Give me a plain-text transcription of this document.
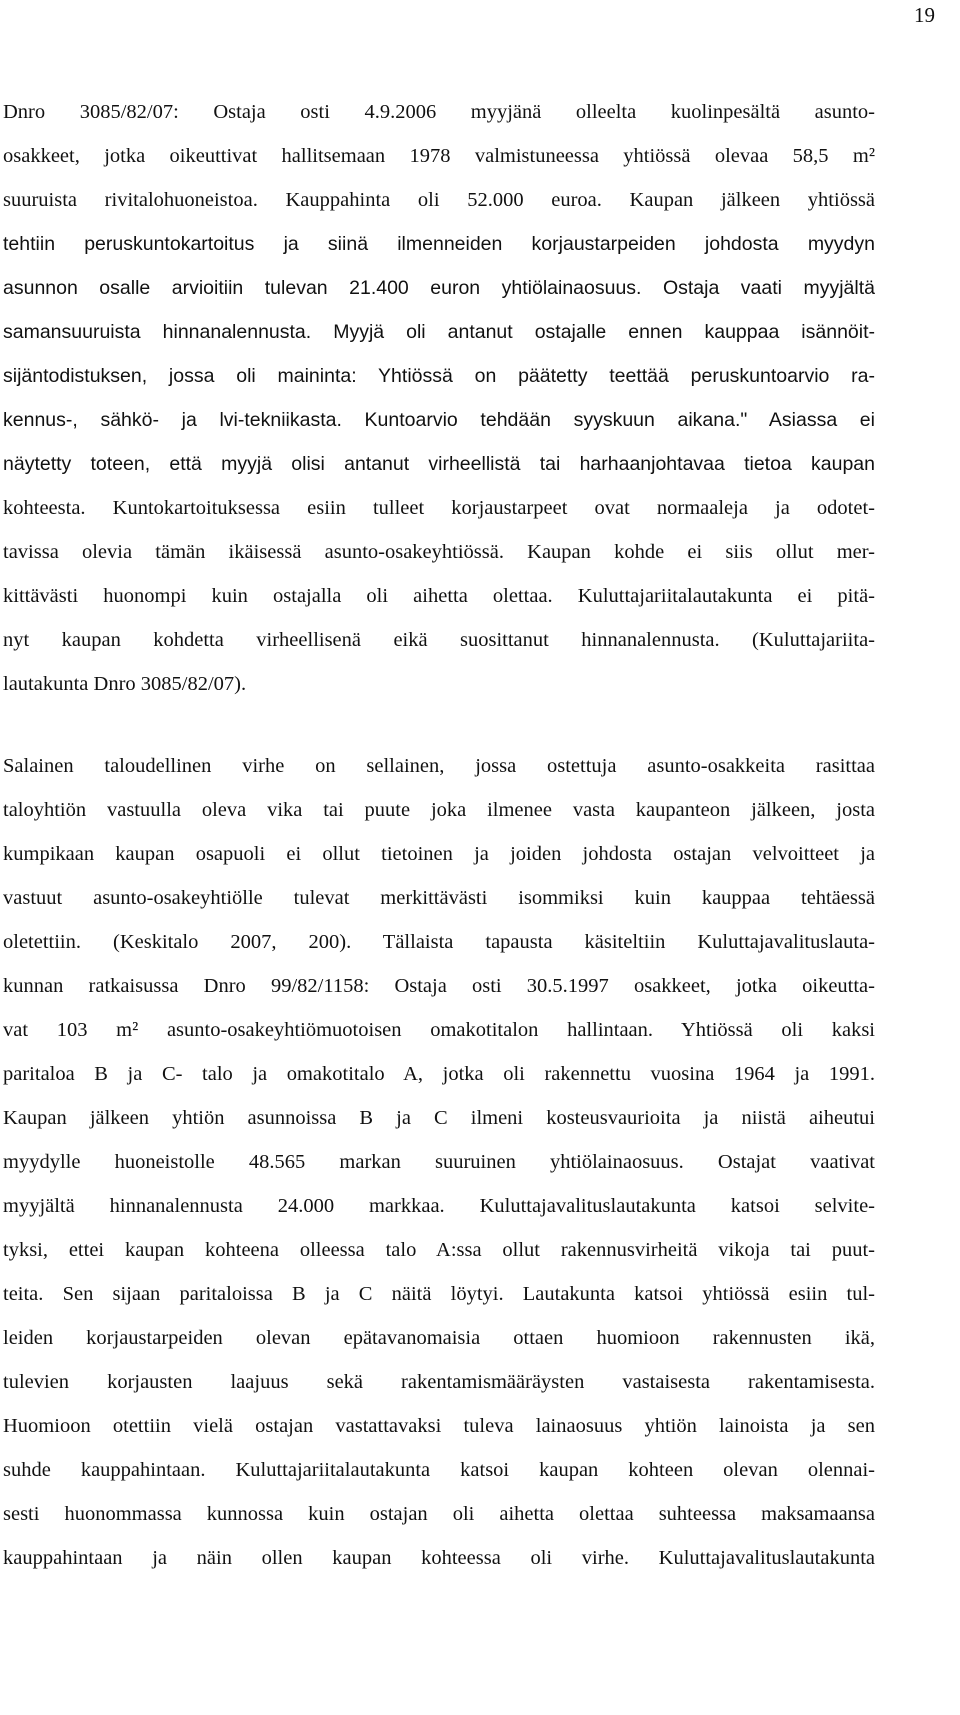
19
Dnro 3085/82/07: Ostaja osti 4.9.2006 myyjänä olleelta kuolinpesältä asunto-
osakkeet, jotka oikeuttivat hallitsemaan 1978 valmistuneessa yhtiössä olevaa 58,5 m²
suuruista rivitalohuoneistoa. Kauppahinta oli 52.000 euroa. Kaupan jälkeen yhtiössä
tehtiin peruskuntokartoitus ja siinä ilmenneiden korjaustarpeiden johdosta myydyn
asunnon osalle arvioitiin tulevan 21.400 euron yhtiölainaosuus. Ostaja vaati myyjältä
samansuuruista hinnanalennusta. Myyjä oli antanut ostajalle ennen kauppaa isännöit-
sijäntodistuksen, jossa oli maininta: Yhtiössä on päätetty teettää peruskuntoarvio ra-
kennus-, sähkö- ja lvi-tekniikasta. Kuntoarvio tehdään syyskuun aikana." Asiassa ei
näytetty toteen, että myyjä olisi antanut virheellistä tai harhaanjohtavaa tietoa kaupan
kohteesta. Kuntokartoituksessa esiin tulleet korjaustarpeet ovat normaaleja ja odotet-
tavissa olevia tämän ikäisessä asunto-osakeyhtiössä. Kaupan kohde ei siis ollut mer-
kittävästi huonompi kuin ostajalla oli aihetta olettaa. Kuluttajariitalautakunta ei pitä-
nyt kaupan kohdetta virheellisenä eikä suosittanut hinnanalennusta. (Kuluttajariita-
lautakunta Dnro 3085/82/07).
Salainen taloudellinen virhe on sellainen, jossa ostettuja asunto-osakkeita rasittaa
taloyhtiön vastuulla oleva vika tai puute joka ilmenee vasta kaupanteon jälkeen, josta
kumpikaan kaupan osapuoli ei ollut tietoinen ja joiden johdosta ostajan velvoitteet ja
vastuut asunto-osakeyhtiölle tulevat merkittävästi isommiksi kuin kauppaa tehtäessä
oletettiin. (Keskitalo 2007, 200). Tällaista tapausta käsiteltiin Kuluttajavalituslauta-
kunnan ratkaisussa Dnro 99/82/1158: Ostaja osti 30.5.1997 osakkeet, jotka oikeutta-
vat 103 m² asunto-osakeyhtiömuotoisen omakotitalon hallintaan. Yhtiössä oli kaksi
paritaloa B ja C- talo ja omakotitalo A, jotka oli rakennettu vuosina 1964 ja 1991.
Kaupan jälkeen yhtiön asunnoissa B ja C ilmeni kosteusvaurioita ja niistä aiheutui
myydylle huoneistolle 48.565 markan suuruinen yhtiölainaosuus. Ostajat vaativat
myyjältä hinnanalennusta 24.000 markkaa. Kuluttajavalituslautakunta katsoi selvite-
tyksi, ettei kaupan kohteena olleessa talo A:ssa ollut rakennusvirheitä vikoja tai puut-
teita. Sen sijaan paritaloissa B ja C näitä löytyi. Lautakunta katsoi yhtiössä esiin tul-
leiden korjaustarpeiden olevan epätavanomaisia ottaen huomioon rakennusten ikä,
tulevien korjausten laajuus sekä rakentamismääräysten vastaisesta rakentamisesta.
Huomioon otettiin vielä ostajan vastattavaksi tuleva lainaosuus yhtiön lainoista ja sen
suhde kauppahintaan. Kuluttajariitalautakunta katsoi kaupan kohteen olevan olennai-
sesti huonommassa kunnossa kuin ostajan oli aihetta olettaa suhteessa maksamaansa
kauppahintaan ja näin ollen kaupan kohteessa oli virhe. Kuluttajavalituslautakunta
